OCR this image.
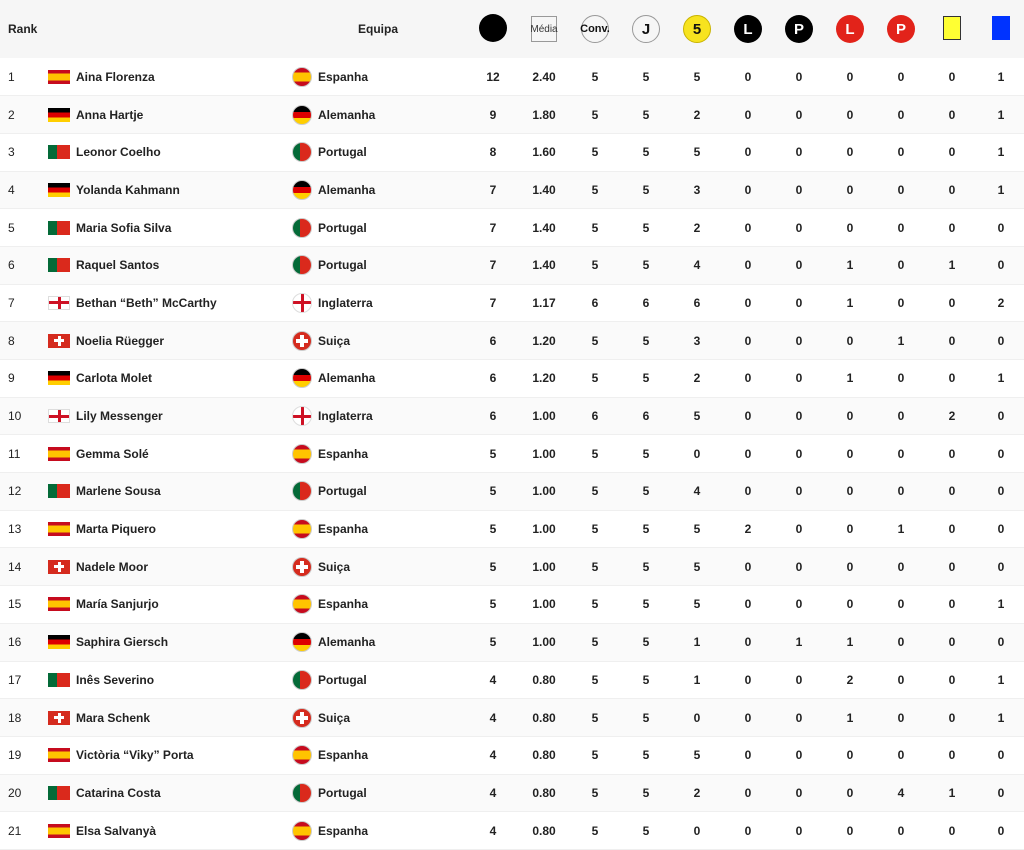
Rank		Equipa		Média	Conv.	J	5	L	P	L	P		
1	Aina Florenza	Espanha	12	2.40	5	5	5	0	0	0	0	0	1
2	Anna Hartje	Alemanha	9	1.80	5	5	2	0	0	0	0	0	1
3	Leonor Coelho	Portugal	8	1.60	5	5	5	0	0	0	0	0	1
4	Yolanda Kahmann	Alemanha	7	1.40	5	5	3	0	0	0	0	0	1
5	Maria Sofia Silva	Portugal	7	1.40	5	5	2	0	0	0	0	0	0
6	Raquel Santos	Portugal	7	1.40	5	5	4	0	0	1	0	1	0
7	Bethan “Beth” McCarthy	Inglaterra	7	1.17	6	6	6	0	0	1	0	0	2
8	Noelia Rüegger	Suiça	6	1.20	5	5	3	0	0	0	1	0	0
9	Carlota Molet	Alemanha	6	1.20	5	5	2	0	0	1	0	0	1
10	Lily Messenger	Inglaterra	6	1.00	6	6	5	0	0	0	0	2	0
11	Gemma Solé	Espanha	5	1.00	5	5	0	0	0	0	0	0	0
12	Marlene Sousa	Portugal	5	1.00	5	5	4	0	0	0	0	0	0
13	Marta Piquero	Espanha	5	1.00	5	5	5	2	0	0	1	0	0
14	Nadele Moor	Suiça	5	1.00	5	5	5	0	0	0	0	0	0
15	María Sanjurjo	Espanha	5	1.00	5	5	5	0	0	0	0	0	1
16	Saphira Giersch	Alemanha	5	1.00	5	5	1	0	1	1	0	0	0
17	Inês Severino	Portugal	4	0.80	5	5	1	0	0	2	0	0	1
18	Mara Schenk	Suiça	4	0.80	5	5	0	0	0	1	0	0	1
19	Victòria “Viky” Porta	Espanha	4	0.80	5	5	5	0	0	0	0	0	0
20	Catarina Costa	Portugal	4	0.80	5	5	2	0	0	0	4	1	0
21	Elsa Salvanyà	Espanha	4	0.80	5	5	0	0	0	0	0	0	0
